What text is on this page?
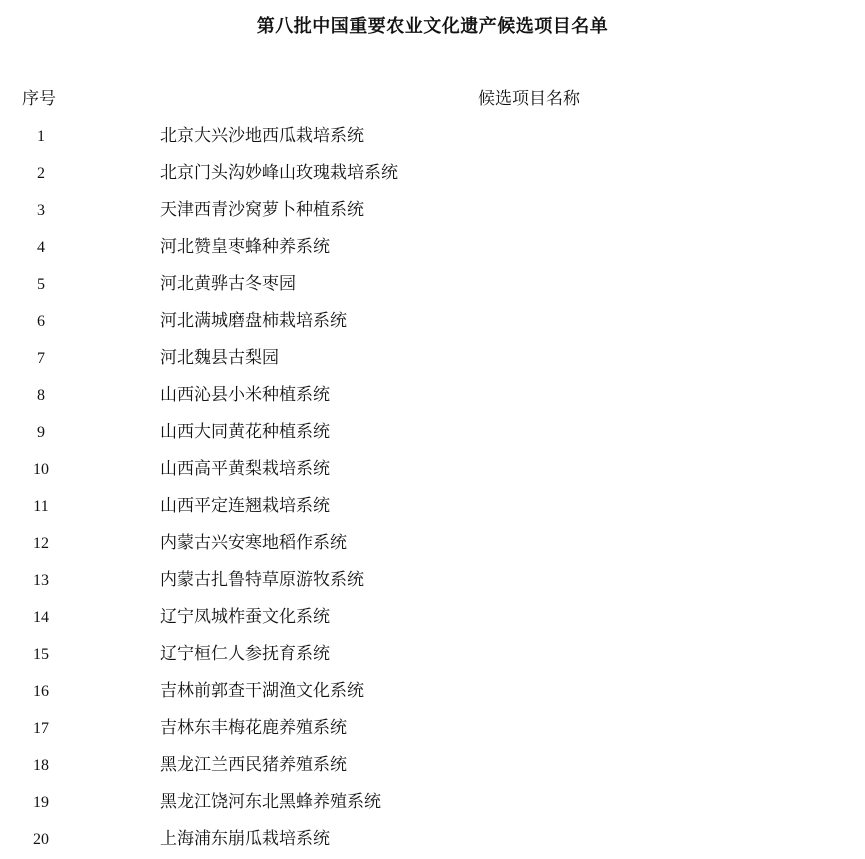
第八批中国重要农业文化遗产候选项目名单
序号	候选项目名称
1	北京大兴沙地西瓜栽培系统
2	北京门头沟妙峰山玫瑰栽培系统
3	天津西青沙窝萝卜种植系统
4	河北赞皇枣蜂种养系统
5	河北黄骅古冬枣园
6	河北满城磨盘柿栽培系统
7	河北魏县古梨园
8	山西沁县小米种植系统
9	山西大同黄花种植系统
10	山西高平黄梨栽培系统
11	山西平定连翘栽培系统
12	内蒙古兴安寒地稻作系统
13	内蒙古扎鲁特草原游牧系统
14	辽宁凤城柞蚕文化系统
15	辽宁桓仁人参抚育系统
16	吉林前郭查干湖渔文化系统
17	吉林东丰梅花鹿养殖系统
18	黑龙江兰西民猪养殖系统
19	黑龙江饶河东北黑蜂养殖系统
20	上海浦东崩瓜栽培系统
